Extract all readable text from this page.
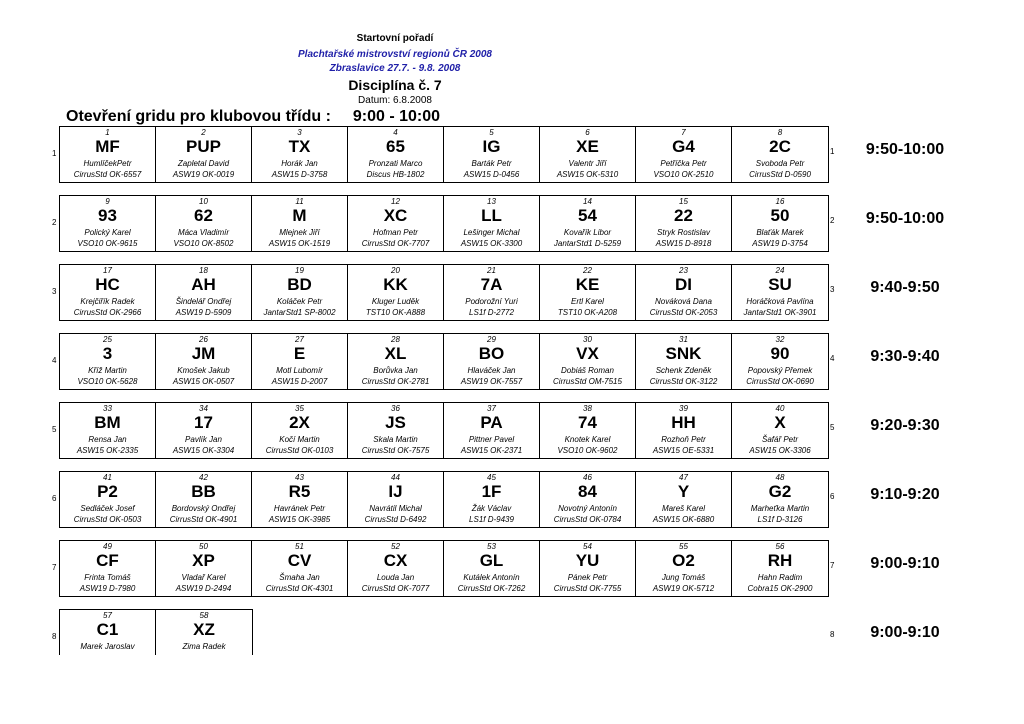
Startovní pořadí
Plachtařské mistrovství regionů ČR 2008
Zbraslavice 27.7. - 9.8. 2008
Disciplína č. 7
Datum: 6.8.2008
Otevření gridu pro klubovou třídu : 9:00 - 10:00
1
MF
HumlíčekPetr
CirrusStd OK-6557
2
PUP
Zapletal David
ASW19 OK-0019
3
TX
Horák Jan
ASW15 D-3758
4
65
Pronzati Marco
Discus HB-1802
5
IG
Barták Petr
ASW15 D-0456
6
XE
Valentr Jiří
ASW15 OK-5310
7
G4
Petříčka Petr
VSO10 OK-2510
8
2C
Svoboda Petr
CirrusStd D-0590
1	1	9:50-10:00
9
93
Polický Karel
VSO10 OK-9615
10
62
Máca Vladimír
VSO10 OK-8502
11
M
Mlejnek Jiří
ASW15 OK-1519
12
XC
Hofman Petr
CirrusStd OK-7707
13
LL
Lešinger Michal
ASW15 OK-3300
14
54
Kovařík Libor
JantarStd1 D-5259
15
22
Stryk Rostislav
ASW15 D-8918
16
50
Blaťák Marek
ASW19 D-3754
2	2	9:50-10:00
17
HC
Krejčiřík Radek
CirrusStd OK-2966
18
AH
Šindelář Ondřej
ASW19 D-5909
19
BD
Koláček Petr
JantarStd1 SP-8002
20
KK
Kluger Luděk
TST10 OK-A888
21
7A
Podorožní Yuri
LS1f D-2772
22
KE
Ertl Karel
TST10 OK-A208
23
DI
Nováková Dana
CirrusStd OK-2053
24
SU
Horáčková Pavlína
JantarStd1 OK-3901
3	3	9:40-9:50
25
3
Kříž Martin
VSO10 OK-5628
26
JM
Kmošek Jakub
ASW15 OK-0507
27
E
Motl Lubomír
ASW15 D-2007
28
XL
Borůvka Jan
CirrusStd OK-2781
29
BO
Hlaváček Jan
ASW19 OK-7557
30
VX
Dobiáš Roman
CirrusStd OM-7515
31
SNK
Schenk Zdeněk
CirrusStd OK-3122
32
90
Popovský Přemek
CirrusStd OK-0690
4	4	9:30-9:40
33
BM
Rensa Jan
ASW15 OK-2335
34
17
Pavlík Jan
ASW15 OK-3304
35
2X
Kočí Martin
CirrusStd OK-0103
36
JS
Skala Martin
CirrusStd OK-7575
37
PA
Pittner Pavel
ASW15 OK-2371
38
74
Knotek Karel
VSO10 OK-9602
39
HH
Rozhoň Petr
ASW15 OE-5331
40
X
Šafář Petr
ASW15 OK-3306
5	5	9:20-9:30
41
P2
Sedláček Josef
CirrusStd OK-0503
42
BB
Bordovský Ondřej
CirrusStd OK-4901
43
R5
Havránek Petr
ASW15 OK-3985
44
IJ
Navrátil Michal
CirrusStd D-6492
45
1F
Žák Václav
LS1f D-9439
46
84
Novotný Antonín
CirrusStd OK-0784
47
Y
Mareš Karel
ASW15 OK-6880
48
G2
Marheťka Martin
LS1f D-3126
6	6	9:10-9:20
49
CF
Frinta Tomáš
ASW19 D-7980
50
XP
Vladař Karel
ASW19 D-2494
51
CV
Šmaha Jan
CirrusStd OK-4301
52
CX
Louda Jan
CirrusStd OK-7077
53
GL
Kutálek Antonín
CirrusStd OK-7262
54
YU
Pánek Petr
CirrusStd OK-7755
55
O2
Jung Tomáš
ASW19 OK-5712
56
RH
Hahn Radim
Cobra15 OK-2900
7	7	9:00-9:10
57
C1
Marek Jaroslav
58
XZ
Zima Radek
8	8	9:00-9:10
